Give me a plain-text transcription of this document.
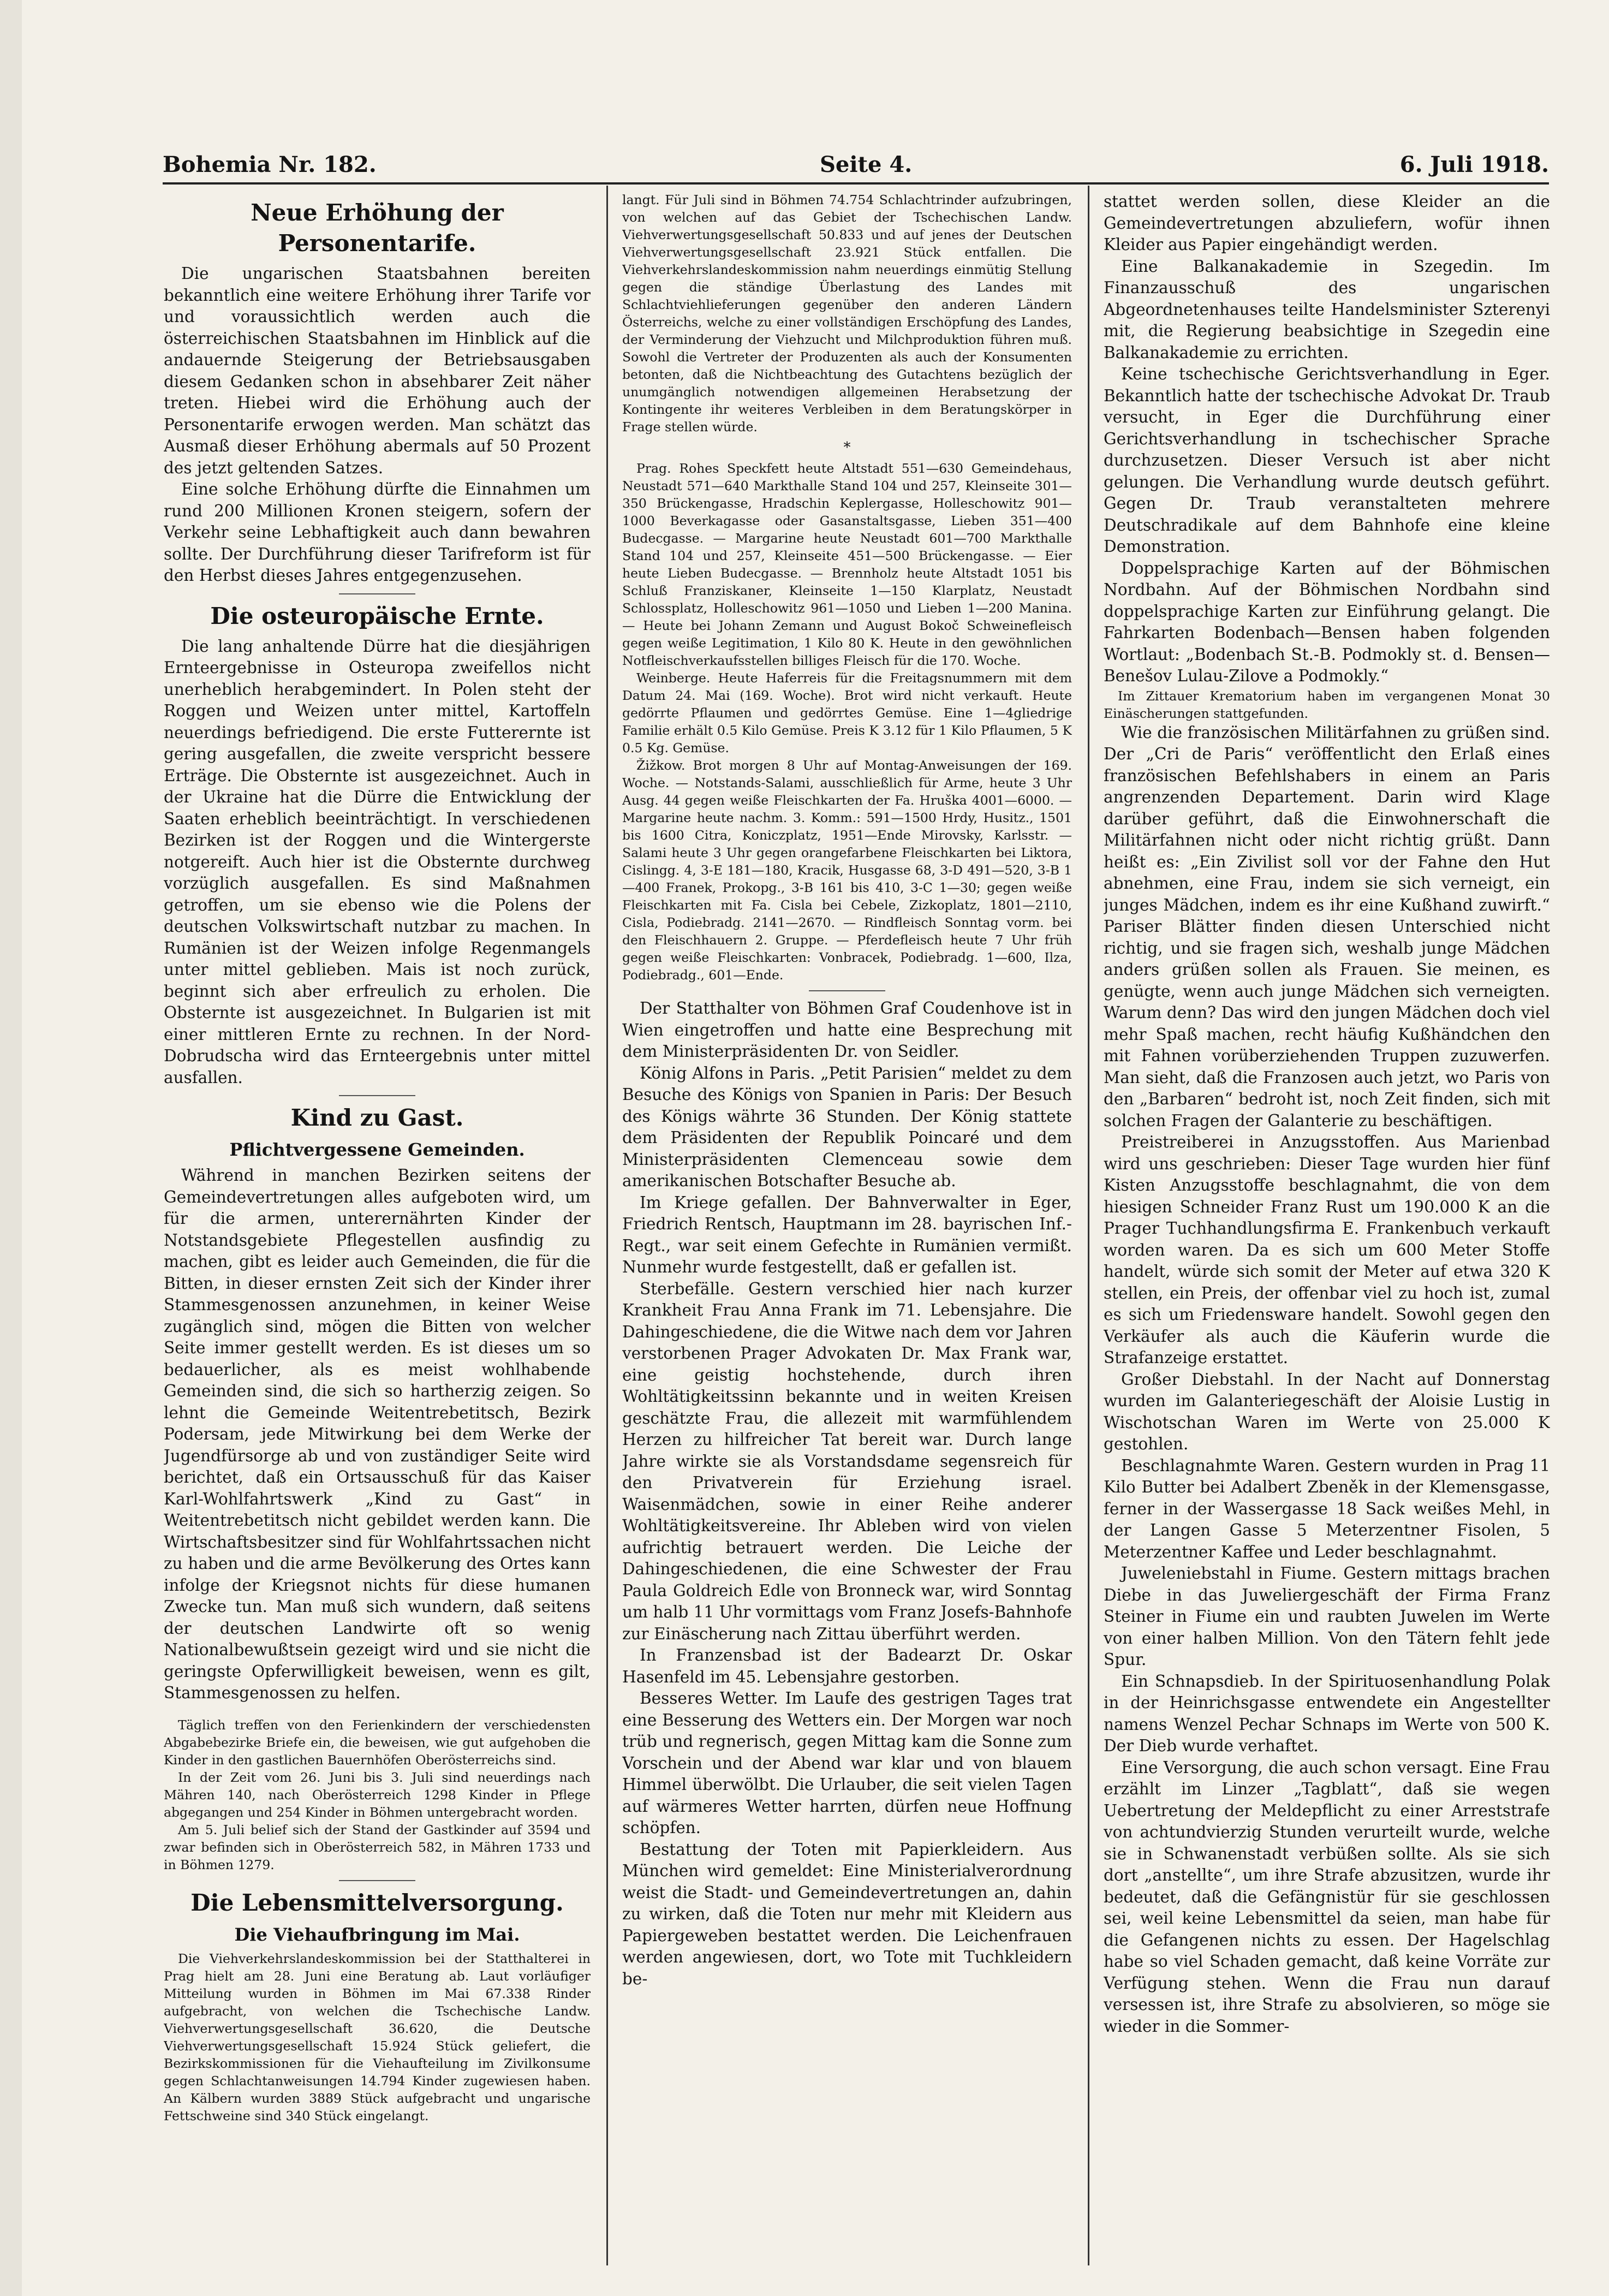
Bohemia Nr. 182.	Seite 4.	6. Juli 1918.
Neue Erhöhung der Personentarife.

Die ungarischen Staatsbahnen bereiten bekanntlich eine weitere Erhöhung ihrer Tarife vor und voraussichtlich werden auch die österreichischen Staatsbahnen im Hinblick auf die andauernde Steigerung der Betriebsausgaben diesem Gedanken schon in absehbarer Zeit näher treten. Hiebei wird die Erhöhung auch der Personentarife erwogen werden. Man schätzt das Ausmaß dieser Erhöhung abermals auf 50 Prozent des jetzt geltenden Satzes.

Eine solche Erhöhung dürfte die Einnahmen um rund 200 Millionen Kronen steigern, sofern der Verkehr seine Lebhaftigkeit auch dann bewahren sollte. Der Durchführung dieser Tarifreform ist für den Herbst dieses Jahres entgegenzusehen.

Die osteuropäische Ernte.

Die lang anhaltende Dürre hat die diesjährigen Ernteergebnisse in Osteuropa zweifellos nicht unerheblich herabgemindert. In Polen steht der Roggen und Weizen unter mittel, Kartoffeln neuerdings befriedigend. Die erste Futterernte ist gering ausgefallen, die zweite verspricht bessere Erträge. Die Obsternte ist ausgezeichnet. Auch in der Ukraine hat die Dürre die Entwicklung der Saaten erheblich beeinträchtigt. In verschiedenen Bezirken ist der Roggen und die Wintergerste notgereift. Auch hier ist die Obsternte durchweg vorzüglich ausgefallen. Es sind Maßnahmen getroffen, um sie ebenso wie die Polens der deutschen Volkswirtschaft nutzbar zu machen. In Rumänien ist der Weizen infolge Regenmangels unter mittel geblieben. Mais ist noch zurück, beginnt sich aber erfreulich zu erholen. Die Obsternte ist ausgezeichnet. In Bulgarien ist mit einer mittleren Ernte zu rechnen. In der Nord-Dobrudscha wird das Ernteergebnis unter mittel ausfallen.

Kind zu Gast.
Pflichtvergessene Gemeinden.

Während in manchen Bezirken seitens der Gemeindevertretungen alles aufgeboten wird, um für die armen, unterernährten Kinder der Notstandsgebiete Pflegestellen ausfindig zu machen, gibt es leider auch Gemeinden, die für die Bitten, in dieser ernsten Zeit sich der Kinder ihrer Stammesgenossen anzunehmen, in keiner Weise zugänglich sind, mögen die Bitten von welcher Seite immer gestellt werden. Es ist dieses um so bedauerlicher, als es meist wohlhabende Gemeinden sind, die sich so hartherzig zeigen. So lehnt die Gemeinde Weitentrebetitsch, Bezirk Podersam, jede Mitwirkung bei dem Werke der Jugendfürsorge ab und von zuständiger Seite wird berichtet, daß ein Ortsausschuß für das Kaiser Karl-Wohlfahrtswerk „Kind zu Gast“ in Weitentrebetitsch nicht gebildet werden kann. Die Wirtschaftsbesitzer sind für Wohlfahrtssachen nicht zu haben und die arme Bevölkerung des Ortes kann infolge der Kriegsnot nichts für diese humanen Zwecke tun. Man muß sich wundern, daß seitens der deutschen Landwirte oft so wenig Nationalbewußtsein gezeigt wird und sie nicht die geringste Opferwilligkeit beweisen, wenn es gilt, Stammesgenossen zu helfen.

Täglich treffen von den Ferienkindern der verschiedensten Abgabebezirke Briefe ein, die beweisen, wie gut aufgehoben die Kinder in den gastlichen Bauernhöfen Oberösterreichs sind.

In der Zeit vom 26. Juni bis 3. Juli sind neuerdings nach Mähren 140, nach Oberösterreich 1298 Kinder in Pflege abgegangen und 254 Kinder in Böhmen untergebracht worden.

Am 5. Juli belief sich der Stand der Gastkinder auf 3594 und zwar befinden sich in Oberösterreich 582, in Mähren 1733 und in Böhmen 1279.

Die Lebensmittelversorgung.
Die Viehaufbringung im Mai.

Die Viehverkehrslandeskommission bei der Statthalterei in Prag hielt am 28. Juni eine Beratung ab. Laut vorläufiger Mitteilung wurden in Böhmen im Mai 67.338 Rinder aufgebracht, von welchen die Tschechische Landw. Viehverwertungsgesellschaft 36.620, die Deutsche Viehverwertungsgesellschaft 15.924 Stück geliefert, die Bezirkskommissionen für die Viehaufteilung im Zivilkonsume gegen Schlachtanweisungen 14.794 Kinder zugewiesen haben. An Kälbern wurden 3889 Stück aufgebracht und ungarische Fettschweine sind 340 Stück eingelangt.

langt. Für Juli sind in Böhmen 74.754 Schlachtrinder aufzubringen, von welchen auf das Gebiet der Tschechischen Landw. Viehverwertungsgesellschaft 50.833 und auf jenes der Deutschen Viehverwertungsgesellschaft 23.921 Stück entfallen. Die Viehverkehrslandeskommission nahm neuerdings einmütig Stellung gegen die ständige Überlastung des Landes mit Schlachtviehlieferungen gegenüber den anderen Ländern Österreichs, welche zu einer vollständigen Erschöpfung des Landes, der Verminderung der Viehzucht und Milchproduktion führen muß. Sowohl die Vertreter der Produzenten als auch der Konsumenten betonten, daß die Nichtbeachtung des Gutachtens bezüglich der unumgänglich notwendigen allgemeinen Herabsetzung der Kontingente ihr weiteres Verbleiben in dem Beratungskörper in Frage stellen würde.

*

Prag. Rohes Speckfett heute Altstadt 551—630 Gemeindehaus, Neustadt 571—640 Markthalle Stand 104 und 257, Kleinseite 301—350 Brückengasse, Hradschin Keplergasse, Holleschowitz 901—1000 Beverkagasse oder Gasanstaltsgasse, Lieben 351—400 Budecgasse. — Margarine heute Neustadt 601—700 Markthalle Stand 104 und 257, Kleinseite 451—500 Brückengasse. — Eier heute Lieben Budecgasse. — Brennholz heute Altstadt 1051 bis Schluß Franziskaner, Kleinseite 1—150 Klarplatz, Neustadt Schlossplatz, Holleschowitz 961—1050 und Lieben 1—200 Manina. — Heute bei Johann Zemann und August Bokoč Schweinefleisch gegen weiße Legitimation, 1 Kilo 80 K. Heute in den gewöhnlichen Notfleischverkaufsstellen billiges Fleisch für die 170. Woche.

Weinberge. Heute Haferreis für die Freitagsnummern mit dem Datum 24. Mai (169. Woche). Brot wird nicht verkauft. Heute gedörrte Pflaumen und gedörrtes Gemüse. Eine 1—4gliedrige Familie erhält 0.5 Kilo Gemüse. Preis K 3.12 für 1 Kilo Pflaumen, 5 K 0.5 Kg. Gemüse.

Žižkow. Brot morgen 8 Uhr auf Montag-Anweisungen der 169. Woche. — Notstands-Salami, ausschließlich für Arme, heute 3 Uhr Ausg. 44 gegen weiße Fleischkarten der Fa. Hruška 4001—6000. — Margarine heute nachm. 3. Komm.: 591—1500 Hrdy, Husitz., 1501 bis 1600 Citra, Koniczplatz, 1951—Ende Mirovsky, Karlsstr. — Salami heute 3 Uhr gegen orangefarbene Fleischkarten bei Liktora, Cislingg. 4, 3-E 181—180, Kracik, Husgasse 68, 3-D 491—520, 3-B 1—400 Franek, Prokopg., 3-B 161 bis 410, 3-C 1—30; gegen weiße Fleischkarten mit Fa. Cisla bei Cebele, Zizkoplatz, 1801—2110, Cisla, Podiebradg. 2141—2670. — Rindfleisch Sonntag vorm. bei den Fleischhauern 2. Gruppe. — Pferdefleisch heute 7 Uhr früh gegen weiße Fleischkarten: Vonbracek, Podiebradg. 1—600, Ilza, Podiebradg., 601—Ende.

Der Statthalter von Böhmen Graf Coudenhove ist in Wien eingetroffen und hatte eine Besprechung mit dem Ministerpräsidenten Dr. von Seidler.

König Alfons in Paris. „Petit Parisien“ meldet zu dem Besuche des Königs von Spanien in Paris: Der Besuch des Königs währte 36 Stunden. Der König stattete dem Präsidenten der Republik Poincaré und dem Ministerpräsidenten Clemenceau sowie dem amerikanischen Botschafter Besuche ab.

Im Kriege gefallen. Der Bahnverwalter in Eger, Friedrich Rentsch, Hauptmann im 28. bayrischen Inf.-Regt., war seit einem Gefechte in Rumänien vermißt. Nunmehr wurde festgestellt, daß er gefallen ist.

Sterbefälle. Gestern verschied hier nach kurzer Krankheit Frau Anna Frank im 71. Lebensjahre. Die Dahingeschiedene, die die Witwe nach dem vor Jahren verstorbenen Prager Advokaten Dr. Max Frank war, eine geistig hochstehende, durch ihren Wohltätigkeitssinn bekannte und in weiten Kreisen geschätzte Frau, die allezeit mit warmfühlendem Herzen zu hilfreicher Tat bereit war. Durch lange Jahre wirkte sie als Vorstandsdame segensreich für den Privatverein für Erziehung israel. Waisenmädchen, sowie in einer Reihe anderer Wohltätigkeitsvereine. Ihr Ableben wird von vielen aufrichtig betrauert werden. Die Leiche der Dahingeschiedenen, die eine Schwester der Frau Paula Goldreich Edle von Bronneck war, wird Sonntag um halb 11 Uhr vormittags vom Franz Josefs-Bahnhofe zur Einäscherung nach Zittau überführt werden.

In Franzensbad ist der Badearzt Dr. Oskar Hasenfeld im 45. Lebensjahre gestorben.

Besseres Wetter. Im Laufe des gestrigen Tages trat eine Besserung des Wetters ein. Der Morgen war noch trüb und regnerisch, gegen Mittag kam die Sonne zum Vorschein und der Abend war klar und von blauem Himmel überwölbt. Die Urlauber, die seit vielen Tagen auf wärmeres Wetter harrten, dürfen neue Hoffnung schöpfen.

Bestattung der Toten mit Papierkleidern. Aus München wird gemeldet: Eine Ministerialverordnung weist die Stadt- und Gemeindevertretungen an, dahin zu wirken, daß die Toten nur mehr mit Kleidern aus Papiergeweben bestattet werden. Die Leichenfrauen werden angewiesen, dort, wo Tote mit Tuchkleidern be-

stattet werden sollen, diese Kleider an die Gemeindevertretungen abzuliefern, wofür ihnen Kleider aus Papier eingehändigt werden.

Eine Balkanakademie in Szegedin. Im Finanzausschuß des ungarischen Abgeordnetenhauses teilte Handelsminister Szterenyi mit, die Regierung beabsichtige in Szegedin eine Balkanakademie zu errichten.

Keine tschechische Gerichtsverhandlung in Eger. Bekanntlich hatte der tschechische Advokat Dr. Traub versucht, in Eger die Durchführung einer Gerichtsverhandlung in tschechischer Sprache durchzusetzen. Dieser Versuch ist aber nicht gelungen. Die Verhandlung wurde deutsch geführt. Gegen Dr. Traub veranstalteten mehrere Deutschradikale auf dem Bahnhofe eine kleine Demonstration.

Doppelsprachige Karten auf der Böhmischen Nordbahn. Auf der Böhmischen Nordbahn sind doppelsprachige Karten zur Einführung gelangt. Die Fahrkarten Bodenbach—Bensen haben folgenden Wortlaut: „Bodenbach St.-B. Podmokly st. d. Bensen—Benešov Lulau-Zilove a Podmokly.“

Im Zittauer Krematorium haben im vergangenen Monat 30 Einäscherungen stattgefunden.

Wie die französischen Militärfahnen zu grüßen sind. Der „Cri de Paris“ veröffentlicht den Erlaß eines französischen Befehlshabers in einem an Paris angrenzenden Departement. Darin wird Klage darüber geführt, daß die Einwohnerschaft die Militärfahnen nicht oder nicht richtig grüßt. Dann heißt es: „Ein Zivilist soll vor der Fahne den Hut abnehmen, eine Frau, indem sie sich verneigt, ein junges Mädchen, indem es ihr eine Kußhand zuwirft.“ Pariser Blätter finden diesen Unterschied nicht richtig, und sie fragen sich, weshalb junge Mädchen anders grüßen sollen als Frauen. Sie meinen, es genügte, wenn auch junge Mädchen sich verneigten. Warum denn? Das wird den jungen Mädchen doch viel mehr Spaß machen, recht häufig Kußhändchen den mit Fahnen vorüberziehenden Truppen zuzuwerfen. Man sieht, daß die Franzosen auch jetzt, wo Paris von den „Barbaren“ bedroht ist, noch Zeit finden, sich mit solchen Fragen der Galanterie zu beschäftigen.

Preistreiberei in Anzugsstoffen. Aus Marienbad wird uns geschrieben: Dieser Tage wurden hier fünf Kisten Anzugsstoffe beschlagnahmt, die von dem hiesigen Schneider Franz Rust um 190.000 K an die Prager Tuchhandlungsfirma E. Frankenbuch verkauft worden waren. Da es sich um 600 Meter Stoffe handelt, würde sich somit der Meter auf etwa 320 K stellen, ein Preis, der offenbar viel zu hoch ist, zumal es sich um Friedensware handelt. Sowohl gegen den Verkäufer als auch die Käuferin wurde die Strafanzeige erstattet.

Großer Diebstahl. In der Nacht auf Donnerstag wurden im Galanteriegeschäft der Aloisie Lustig in Wischotschan Waren im Werte von 25.000 K gestohlen.

Beschlagnahmte Waren. Gestern wurden in Prag 11 Kilo Butter bei Adalbert Zbeněk in der Klemensgasse, ferner in der Wassergasse 18 Sack weißes Mehl, in der Langen Gasse 5 Meterzentner Fisolen, 5 Meterzentner Kaffee und Leder beschlagnahmt.

Juweleniebstahl in Fiume. Gestern mittags brachen Diebe in das Juweliergeschäft der Firma Franz Steiner in Fiume ein und raubten Juwelen im Werte von einer halben Million. Von den Tätern fehlt jede Spur.

Ein Schnapsdieb. In der Spirituosenhandlung Polak in der Heinrichsgasse entwendete ein Angestellter namens Wenzel Pechar Schnaps im Werte von 500 K. Der Dieb wurde verhaftet.

Eine Versorgung, die auch schon versagt. Eine Frau erzählt im Linzer „Tagblatt“, daß sie wegen Uebertretung der Meldepflicht zu einer Arreststrafe von achtundvierzig Stunden verurteilt wurde, welche sie in Schwanenstadt verbüßen sollte. Als sie sich dort „anstellte“, um ihre Strafe abzusitzen, wurde ihr bedeutet, daß die Gefängnistür für sie geschlossen sei, weil keine Lebensmittel da seien, man habe für die Gefangenen nichts zu essen. Der Hagelschlag habe so viel Schaden gemacht, daß keine Vorräte zur Verfügung stehen. Wenn die Frau nun darauf versessen ist, ihre Strafe zu absolvieren, so möge sie wieder in die Sommer-
